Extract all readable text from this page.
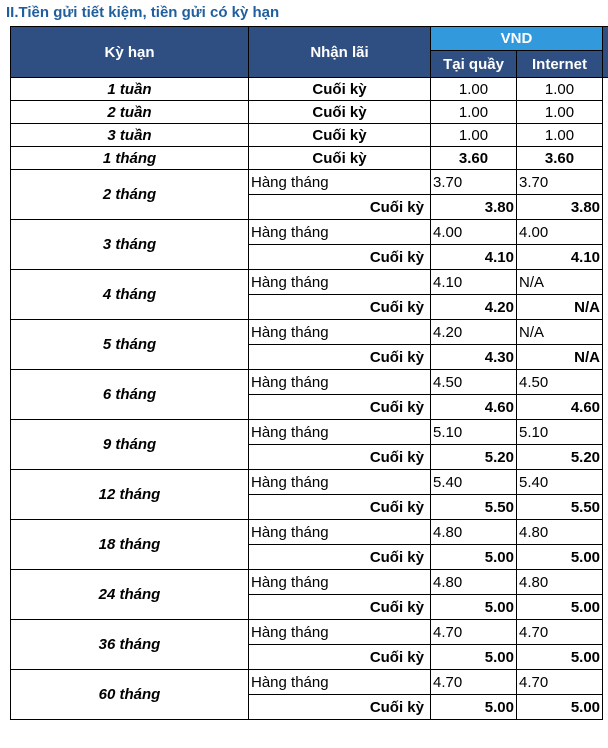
II.Tiền gửi tiết kiệm, tiền gửi có kỳ hạn
Kỳ hạn	Nhận lãi	VND		
		Tại quầy	Internet	
1 tuần	Cuối kỳ	1.00	1.00	
2 tuần	Cuối kỳ	1.00	1.00	
3 tuần	Cuối kỳ	1.00	1.00	
1 tháng	Cuối kỳ	3.60	3.60	
2 tháng	Hàng tháng	3.70	3.70	
	Cuối kỳ	3.80	3.80	
3 tháng	Hàng tháng	4.00	4.00	
	Cuối kỳ	4.10	4.10	
4 tháng	Hàng tháng	4.10	N/A	
	Cuối kỳ	4.20	N/A	
5 tháng	Hàng tháng	4.20	N/A	
	Cuối kỳ	4.30	N/A	
6 tháng	Hàng tháng	4.50	4.50	
	Cuối kỳ	4.60	4.60	
9 tháng	Hàng tháng	5.10	5.10	
	Cuối kỳ	5.20	5.20	
12 tháng	Hàng tháng	5.40	5.40	
	Cuối kỳ	5.50	5.50	
18 tháng	Hàng tháng	4.80	4.80	
	Cuối kỳ	5.00	5.00	
24 tháng	Hàng tháng	4.80	4.80	
	Cuối kỳ	5.00	5.00	
36 tháng	Hàng tháng	4.70	4.70	
	Cuối kỳ	5.00	5.00	
60 tháng	Hàng tháng	4.70	4.70	
	Cuối kỳ	5.00	5.00	
